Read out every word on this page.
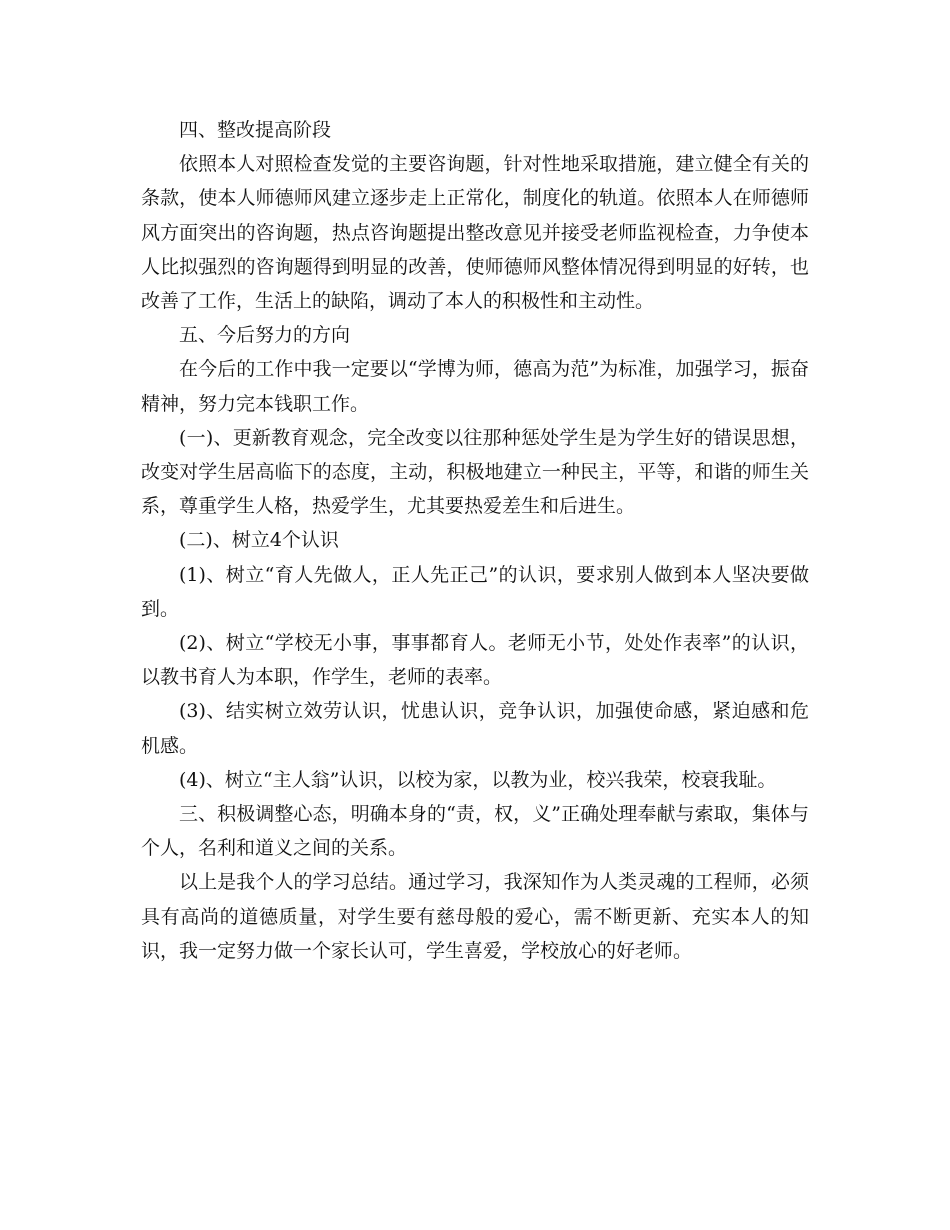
四、整改提高阶段

依照本人对照检查发觉的主要咨询题，针对性地采取措施，建立健全有关的条款，使本人师德师风建立逐步走上正常化，制度化的轨道。依照本人在师德师风方面突出的咨询题，热点咨询题提出整改意见并接受老师监视检查，力争使本人比拟强烈的咨询题得到明显的改善，使师德师风整体情况得到明显的好转，也改善了工作，生活上的缺陷，调动了本人的积极性和主动性。

五、今后努力的方向

在今后的工作中我一定要以“学博为师，德高为范”为标准，加强学习，振奋精神，努力完本钱职工作。

(一)、更新教育观念，完全改变以往那种惩处学生是为学生好的错误思想，改变对学生居高临下的态度，主动，积极地建立一种民主，平等，和谐的师生关系，尊重学生人格，热爱学生，尤其要热爱差生和后进生。

(二)、树立4个认识

(1)、树立“育人先做人，正人先正己”的认识，要求别人做到本人坚决要做到。

(2)、树立“学校无小事，事事都育人。老师无小节，处处作表率”的认识，以教书育人为本职，作学生，老师的表率。

(3)、结实树立效劳认识，忧患认识，竞争认识，加强使命感，紧迫感和危机感。

(4)、树立“主人翁”认识，以校为家，以教为业，校兴我荣，校衰我耻。

三、积极调整心态，明确本身的“责，权，义”正确处理奉献与索取，集体与个人，名利和道义之间的关系。

以上是我个人的学习总结。通过学习，我深知作为人类灵魂的工程师，必须具有高尚的道德质量，对学生要有慈母般的爱心，需不断更新、充实本人的知识，我一定努力做一个家长认可，学生喜爱，学校放心的好老师。
